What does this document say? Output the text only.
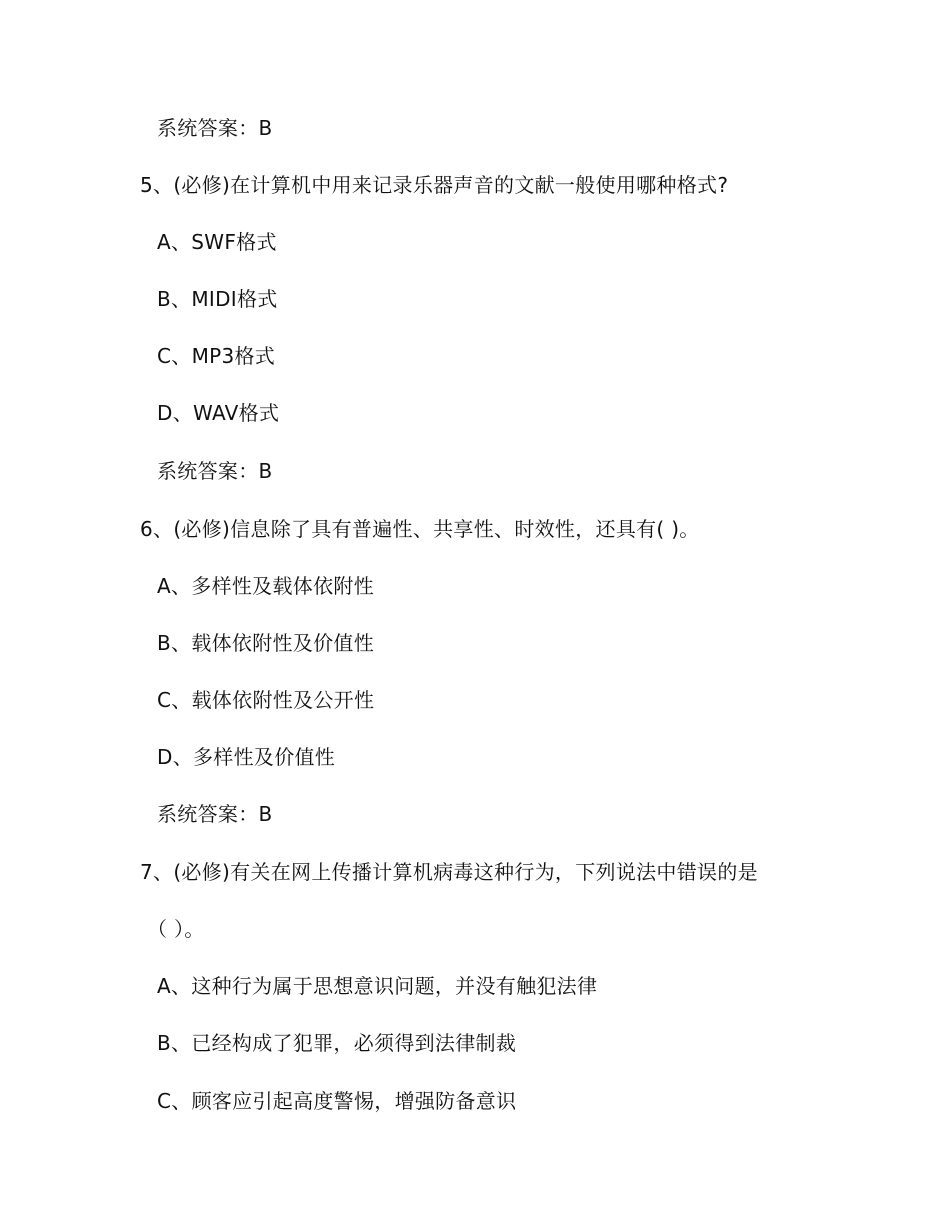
系统答案：B
5、(必修)在计算机中用来记录乐器声音的文献一般使用哪种格式?
A、SWF格式
B、MIDI格式
C、MP3格式
D、WAV格式
系统答案：B
6、(必修)信息除了具有普遍性、共享性、时效性，还具有( )。
A、多样性及载体依附性
B、载体依附性及价值性
C、载体依附性及公开性
D、多样性及价值性
系统答案：B
7、(必修)有关在网上传播计算机病毒这种行为，下列说法中错误的是
（ ）。
A、这种行为属于思想意识问题，并没有触犯法律
B、已经构成了犯罪，必须得到法律制裁
C、顾客应引起高度警惕，增强防备意识
